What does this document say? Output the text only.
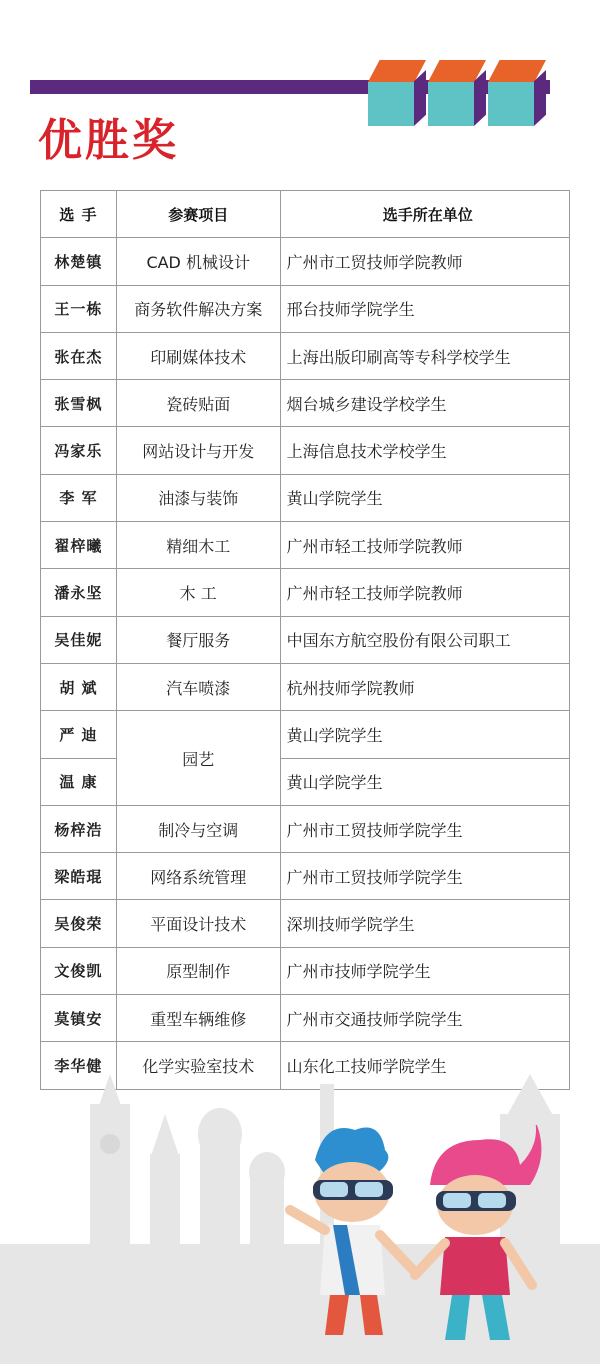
优胜奖
选 手	参赛项目	选手所在单位
林楚镇	CAD 机械设计	广州市工贸技师学院教师
王一栋	商务软件解决方案	邢台技师学院学生
张在杰	印刷媒体技术	上海出版印刷高等专科学校学生
张雪枫	瓷砖贴面	烟台城乡建设学校学生
冯家乐	网站设计与开发	上海信息技术学校学生
李 军	油漆与装饰	黄山学院学生
翟梓曦	精细木工	广州市轻工技师学院教师
潘永坚	木 工	广州市轻工技师学院教师
吴佳妮	餐厅服务	中国东方航空股份有限公司职工
胡 斌	汽车喷漆	杭州技师学院教师
严 迪	园艺	黄山学院学生
温 康		黄山学院学生
杨梓浩	制冷与空调	广州市工贸技师学院学生
梁皓琨	网络系统管理	广州市工贸技师学院学生
吴俊荣	平面设计技术	深圳技师学院学生
文俊凯	原型制作	广州市技师学院学生
莫镇安	重型车辆维修	广州市交通技师学院学生
李华健	化学实验室技术	山东化工技师学院学生
